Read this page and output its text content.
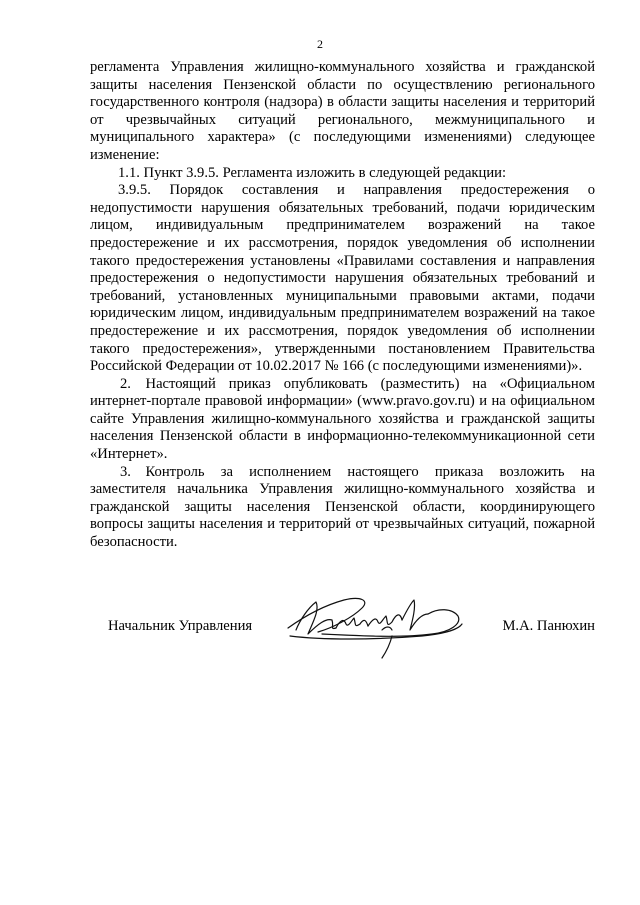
2

регламента Управления жилищно-коммунального хозяйства и гражданской защиты населения Пензенской области по осуществлению регионального государственного контроля (надзора) в области защиты населения и территорий от чрезвычайных ситуаций регионального, межмуниципального и муниципального характера» (с последующими изменениями) следующее изменение:

1.1. Пункт 3.9.5. Регламента изложить в следующей редакции:

3.9.5. Порядок составления и направления предостережения о недопустимости нарушения обязательных требований, подачи юридическим лицом, индивидуальным предпринимателем возражений на такое предостережение и их рассмотрения, порядок уведомления об исполнении такого предостережения установлены «Правилами составления и направления предостережения о недопустимости нарушения обязательных требований и требований, установленных муниципальными правовыми актами, подачи юридическим лицом, индивидуальным предпринимателем возражений на такое предостережение и их рассмотрения, порядок уведомления об исполнении такого предостережения», утвержденными постановлением Правительства Российской Федерации от 10.02.2017 № 166 (с последующими изменениями)».

2. Настоящий приказ опубликовать (разместить) на «Официальном интернет-портале правовой информации» (www.pravo.gov.ru) и на официальном сайте Управления жилищно-коммунального хозяйства и гражданской защиты населения Пензенской области в информационно-телекоммуникационной сети «Интернет».

3. Контроль за исполнением настоящего приказа возложить на заместителя начальника Управления жилищно-коммунального хозяйства и гражданской защиты населения Пензенской области, координирующего вопросы защиты населения и территорий от чрезвычайных ситуаций, пожарной безопасности.

Начальник Управления	М.А. Панюхин
